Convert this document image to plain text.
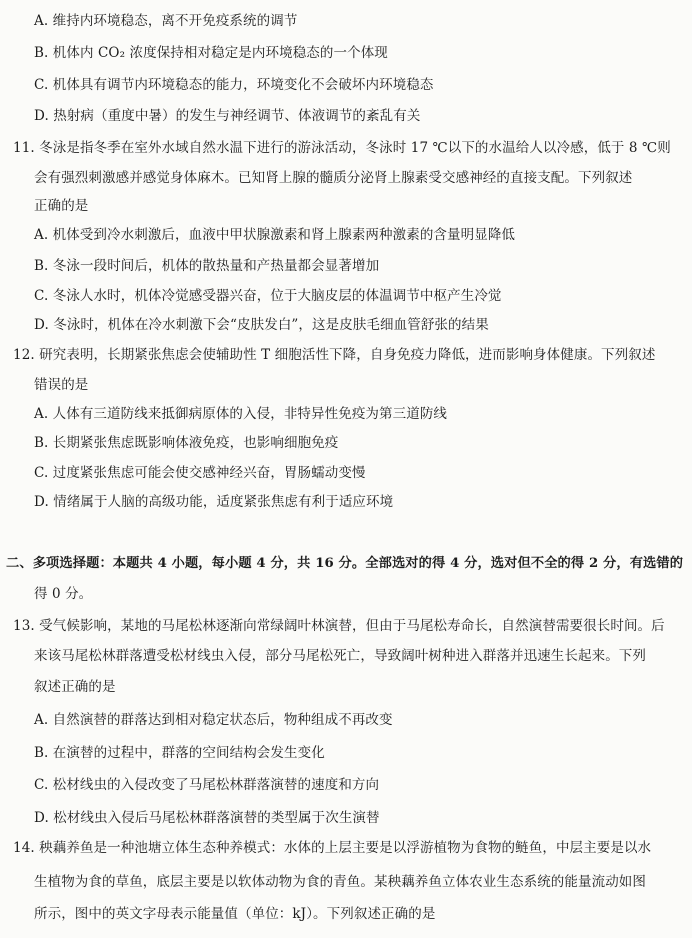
A. 维持内环境稳态，离不开免疫系统的调节
B. 机体内 CO₂ 浓度保持相对稳定是内环境稳态的一个体现
C. 机体具有调节内环境稳态的能力，环境变化不会破坏内环境稳态
D. 热射病（重度中暑）的发生与神经调节、体液调节的紊乱有关
11. 冬泳是指冬季在室外水域自然水温下进行的游泳活动，冬泳时 17 ℃以下的水温给人以冷感，低于 8 ℃则
会有强烈刺激感并感觉身体麻木。已知肾上腺的髓质分泌肾上腺素受交感神经的直接支配。下列叙述
正确的是
A. 机体受到冷水刺激后，血液中甲状腺激素和肾上腺素两种激素的含量明显降低
B. 冬泳一段时间后，机体的散热量和产热量都会显著增加
C. 冬泳人水时，机体冷觉感受器兴奋，位于大脑皮层的体温调节中枢产生冷觉
D. 冬泳时，机体在冷水刺激下会“皮肤发白”，这是皮肤毛细血管舒张的结果
12. 研究表明，长期紧张焦虑会使辅助性 T 细胞活性下降，自身免疫力降低，进而影响身体健康。下列叙述
错误的是
A. 人体有三道防线来抵御病原体的入侵，非特异性免疫为第三道防线
B. 长期紧张焦虑既影响体液免疫，也影响细胞免疫
C. 过度紧张焦虑可能会使交感神经兴奋，胃肠蠕动变慢
D. 情绪属于人脑的高级功能，适度紧张焦虑有利于适应环境
二、多项选择题：本题共 4 小题，每小题 4 分，共 16 分。全部选对的得 4 分，选对但不全的得 2 分，有选错的
得 0 分。
13. 受气候影响，某地的马尾松林逐渐向常绿阔叶林演替，但由于马尾松寿命长，自然演替需要很长时间。后
来该马尾松林群落遭受松材线虫入侵，部分马尾松死亡，导致阔叶树种进入群落并迅速生长起来。下列
叙述正确的是
A. 自然演替的群落达到相对稳定状态后，物种组成不再改变
B. 在演替的过程中，群落的空间结构会发生变化
C. 松材线虫的入侵改变了马尾松林群落演替的速度和方向
D. 松材线虫入侵后马尾松林群落演替的类型属于次生演替
14. 秧藕养鱼是一种池塘立体生态种养模式：水体的上层主要是以浮游植物为食物的鲢鱼，中层主要是以水
生植物为食的草鱼，底层主要是以软体动物为食的青鱼。某秧藕养鱼立体农业生态系统的能量流动如图
所示，图中的英文字母表示能量值（单位：kJ）。下列叙述正确的是
